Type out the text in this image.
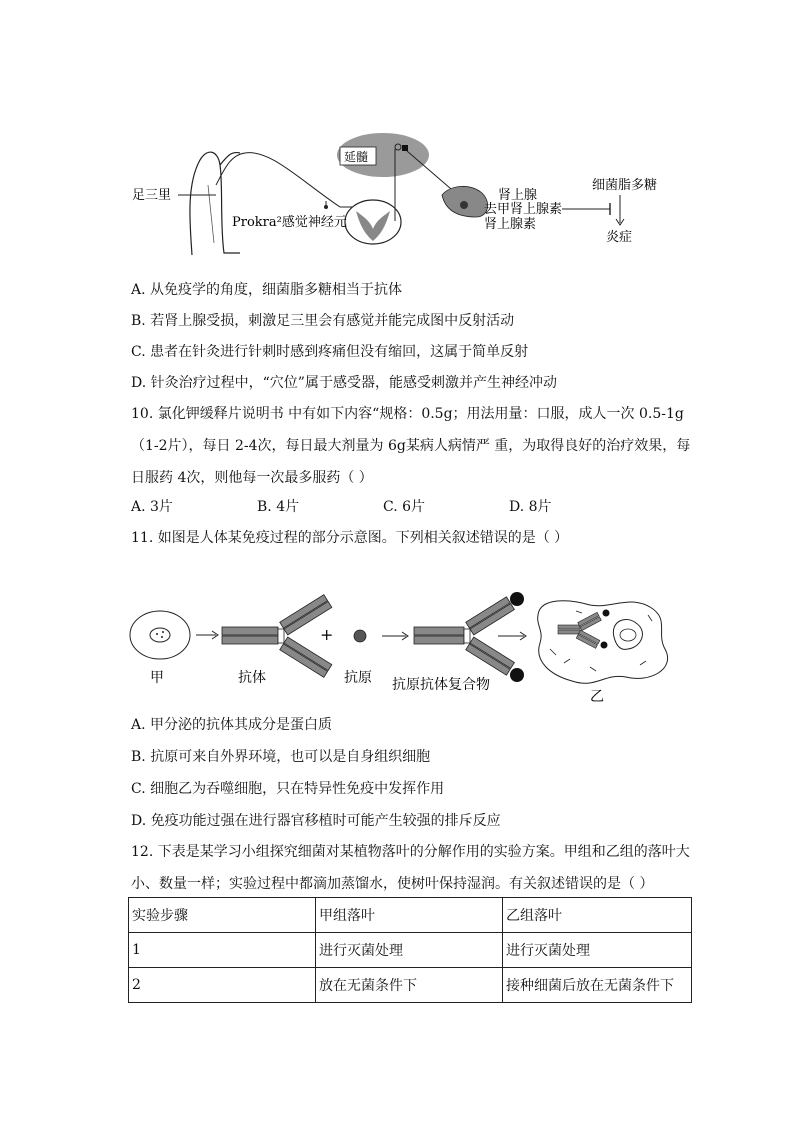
足三里
Prokra²感觉神经元
延髓
肾上腺
去甲肾上腺素
肾上腺素
细菌脂多糖
炎症
A. 从免疫学的角度，细菌脂多糖相当于抗体
B. 若肾上腺受损，刺激足三里会有感觉并能完成图中反射活动
C. 患者在针灸进行针刺时感到疼痛但没有缩回，这属于简单反射
D. 针灸治疗过程中，“穴位”属于感受器，能感受刺激并产生神经冲动
10. 氯化钾缓释片说明书 中有如下内容“规格：0.5g；用法用量：口服，成人一次 0.5-1g（1-2片），每日 2-4次，每日最大剂量为 6g某病人病情严 重，为取得良好的治疗效果，每日服药 4次，则他每一次最多服药（ ）
A. 3片	B. 4片	C. 6片	D. 8片
11. 如图是人体某免疫过程的部分示意图。下列相关叙述错误的是（ ）
甲	抗体
+
抗原 抗原抗体复合物
乙
A. 甲分泌的抗体其成分是蛋白质
B. 抗原可来自外界环境，也可以是自身组织细胞
C. 细胞乙为吞噬细胞，只在特异性免疫中发挥作用
D. 免疫功能过强在进行器官移植时可能产生较强的排斥反应
12. 下表是某学习小组探究细菌对某植物落叶的分解作用的实验方案。甲组和乙组的落叶大小、数量一样；实验过程中都滴加蒸馏水，使树叶保持湿润。有关叙述错误的是（ ）
实验步骤	甲组落叶	乙组落叶
1	进行灭菌处理	进行灭菌处理
2	放在无菌条件下	接种细菌后放在无菌条件下
